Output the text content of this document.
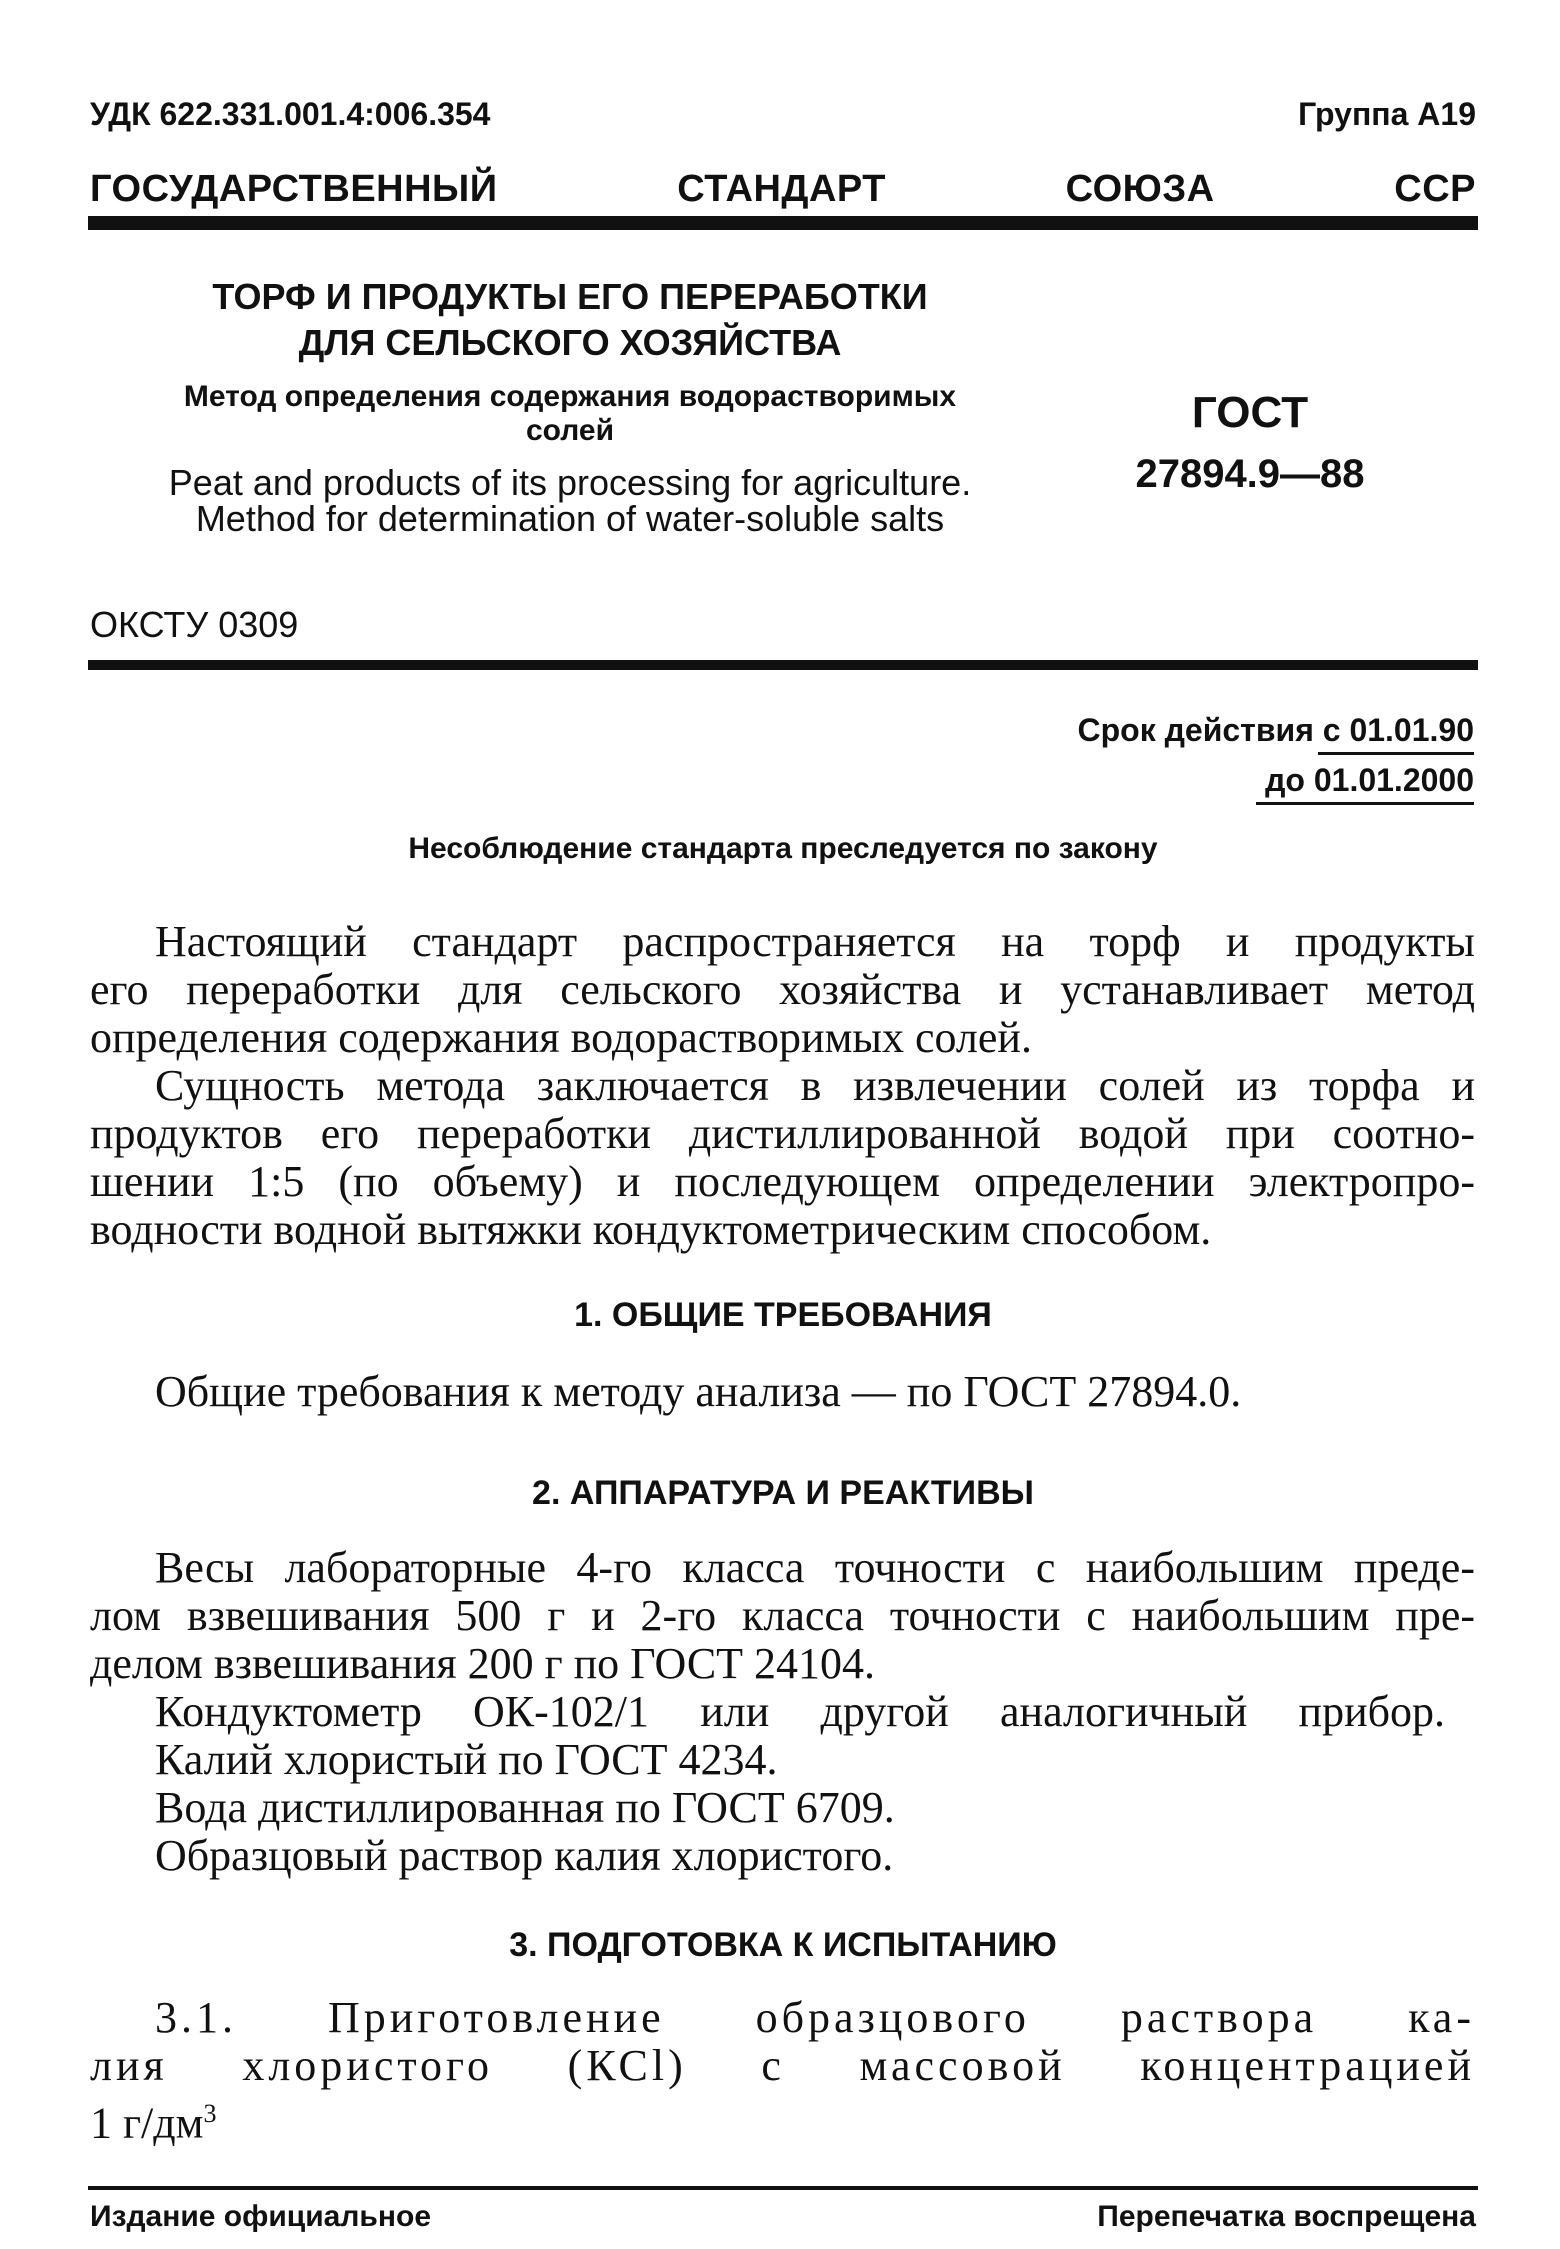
УДК 622.331.001.4:006.354	Группа А19
ГОСУДАРСТВЕННЫЙ СТАНДАРТ СОЮЗА ССР
ТОРФ И ПРОДУКТЫ ЕГО ПЕРЕРАБОТКИ
ДЛЯ СЕЛЬСКОГО ХОЗЯЙСТВА
Метод определения содержания водорастворимых
солей
Peat and products of its processing for agriculture.
Method for determination of water-soluble salts
ГОСТ
27894.9—88
ОКСТУ 0309
Срок действия с 01.01.90
до 01.01.2000
Несоблюдение стандарта преследуется по закону
Настоящий стандарт распространяется на торф и продукты
его переработки для сельского хозяйства и устанавливает метод
определения содержания водорастворимых солей.
Сущность метода заключается в извлечении солей из торфа и
продуктов его переработки дистиллированной водой при соотно-
шении 1:5 (по объему) и последующем определении электропро-
водности водной вытяжки кондуктометрическим способом.
1. ОБЩИЕ ТРЕБОВАНИЯ
Общие требования к методу анализа — по ГОСТ 27894.0.
2. АППАРАТУРА И РЕАКТИВЫ
Весы лабораторные 4-го класса точности с наибольшим преде-
лом взвешивания 500 г и 2-го класса точности с наибольшим пре-
делом взвешивания 200 г по ГОСТ 24104.
Кондуктометр ОК-102/1 или другой аналогичный прибор.
Калий хлористый по ГОСТ 4234.
Вода дистиллированная по ГОСТ 6709.
Образцовый раствор калия хлористого.
3. ПОДГОТОВКА К ИСПЫТАНИЮ
3.1. Приготовление образцового раствора ка-
лия хлористого (КСl) с массовой концентрацией
1 $г/дм^3$
Издание официальное	Перепечатка воспрещена
